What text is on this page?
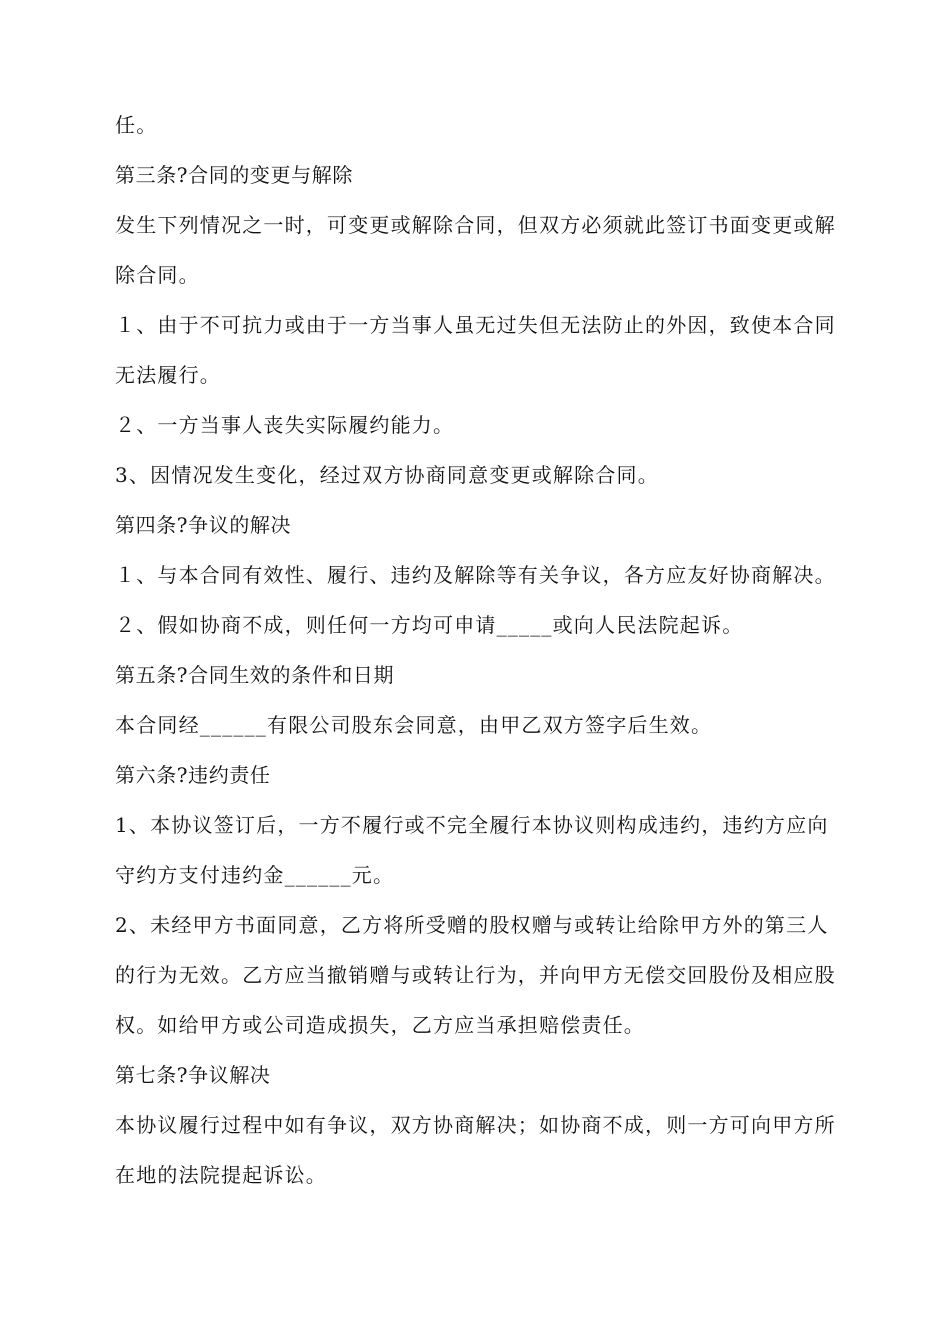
任。

第三条?合同的变更与解除

发生下列情况之一时，可变更或解除合同，但双方必须就此签订书面变更或解除合同。

１、由于不可抗力或由于一方当事人虽无过失但无法防止的外因，致使本合同无法履行。

２、一方当事人丧失实际履约能力。

3、因情况发生变化，经过双方协商同意变更或解除合同。

第四条?争议的解决

１、与本合同有效性、履行、违约及解除等有关争议，各方应友好协商解决。

２、假如协商不成，则任何一方均可申请_____或向人民法院起诉。

第五条?合同生效的条件和日期

本合同经______有限公司股东会同意，由甲乙双方签字后生效。

第六条?违约责任

1、本协议签订后，一方不履行或不完全履行本协议则构成违约，违约方应向守约方支付违约金______元。

2、未经甲方书面同意，乙方将所受赠的股权赠与或转让给除甲方外的第三人的行为无效。乙方应当撤销赠与或转让行为，并向甲方无偿交回股份及相应股权。如给甲方或公司造成损失，乙方应当承担赔偿责任。

第七条?争议解决

本协议履行过程中如有争议，双方协商解决；如协商不成，则一方可向甲方所在地的法院提起诉讼。
